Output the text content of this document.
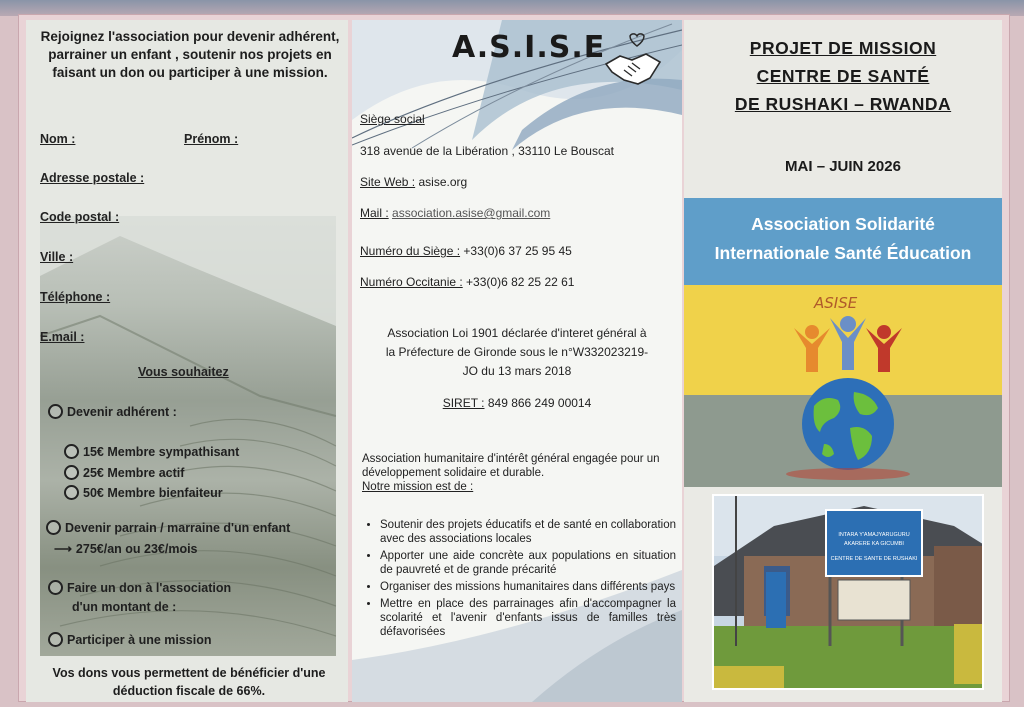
Rejoignez l'association pour devenir adhérent, parrainer un enfant , soutenir nos projets en faisant un don ou participer à une mission.
Nom :	Prénom :
Adresse postale :
Code postal :
Ville :
Téléphone :
E.mail :
Vous souhaitez
Devenir adhérent :
15€ Membre sympathisant
25€ Membre actif
50€ Membre bienfaiteur
Devenir parrain / marraine d'un enfant
⟶ 275€/an ou 23€/mois
Faire un don à l'association
d'un montant de :
Participer à une mission
Vos dons vous permettent de bénéficier d'une déduction fiscale de 66%.
A.S.I.S.E
Siège social
318 avenue de la Libération , 33110 Le Bouscat
Site Web : asise.org
Mail : association.asise@gmail.com
Numéro du Siège : +33(0)6 37 25 95 45
Numéro Occitanie : +33(0)6 82 25 22 61
Association Loi 1901 déclarée d'interet général à
la Préfecture de Gironde sous le n°W332023219-
JO du 13 mars 2018
SIRET : 849 866 249 00014
Association humanitaire d'intérêt général engagée pour un développement solidaire et durable.
Notre mission est de :
• Soutenir des projets éducatifs et de santé en collaboration avec des associations locales
• Apporter une aide concrète aux populations en situation de pauvreté et de grande précarité
• Organiser des missions humanitaires dans différents pays
• Mettre en place des parrainages afin d'accompagner la scolarité et l'avenir d'enfants issus de familles très défavorisées
PROJET DE MISSION
CENTRE DE SANTÉ
DE RUSHAKI – RWANDA
MAI – JUIN 2026
Association Solidarité
Internationale Santé Éducation
ASISE
INTARA Y'AMAJYARUGURU
AKARERE KA GICUMBI
CENTRE DE SANTE DE RUSHAKI
